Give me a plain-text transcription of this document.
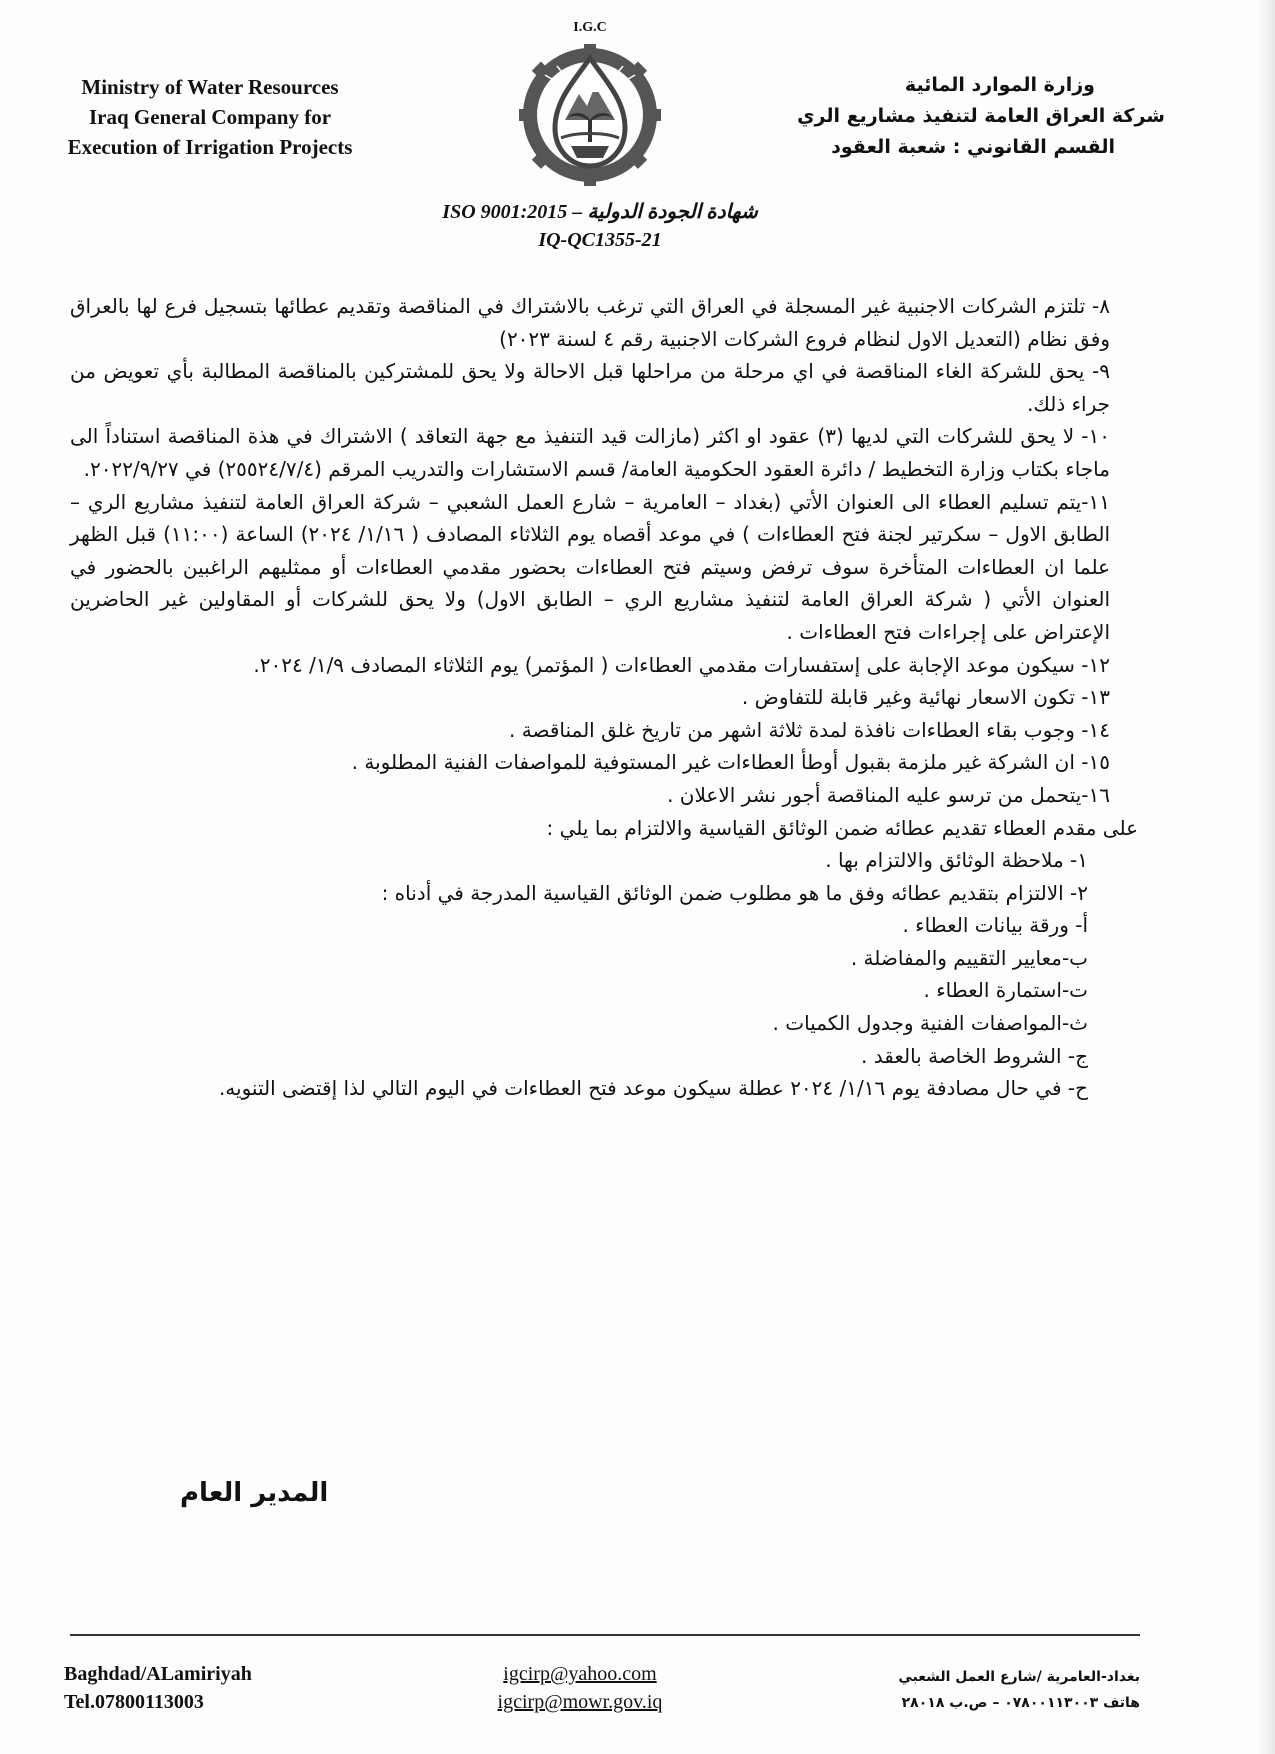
Ministry of Water Resources
Iraq General Company for
Execution of Irrigation Projects
I.G.C
وزارة الموارد المائية
شركة العراق العامة لتنفيذ مشاريع الري
القسم القانوني : شعبة العقود
ISO 9001:2015 – شهادة الجودة الدولية
IQ-QC1355-21

٨- تلتزم الشركات الاجنبية غير المسجلة في العراق التي ترغب بالاشتراك في المناقصة وتقديم عطائها بتسجيل فرع لها بالعراق وفق نظام (التعديل الاول لنظام فروع الشركات الاجنبية رقم ٤ لسنة ٢٠٢٣)

٩- يحق للشركة الغاء المناقصة في اي مرحلة من مراحلها قبل الاحالة ولا يحق للمشتركين بالمناقصة المطالبة بأي تعويض من جراء ذلك.

١٠- لا يحق للشركات التي لديها (٣) عقود او اكثر (مازالت قيد التنفيذ مع جهة التعاقد ) الاشتراك في هذة المناقصة استناداً الى ماجاء بكتاب وزارة التخطيط / دائرة العقود الحكومية العامة/ قسم الاستشارات والتدريب المرقم (٢٥٥٢٤/٧/٤) في ٢٠٢٢/٩/٢٧.

١١-يتم تسليم العطاء الى العنوان الأتي (بغداد – العامرية – شارع العمل الشعبي – شركة العراق العامة لتنفيذ مشاريع الري – الطابق الاول – سكرتير لجنة فتح العطاءات ) في موعد أقصاه يوم الثلاثاء المصادف ( ١/١٦/ ٢٠٢٤) الساعة (١١:٠٠) قبل الظهر علما ان العطاءات المتأخرة سوف ترفض وسيتم فتح العطاءات بحضور مقدمي العطاءات أو ممثليهم الراغبين بالحضور في العنوان الأتي ( شركة العراق العامة لتنفيذ مشاريع الري – الطابق الاول) ولا يحق للشركات أو المقاولين غير الحاضرين الإعتراض على إجراءات فتح العطاءات .

١٢- سيكون موعد الإجابة على إستفسارات مقدمي العطاءات ( المؤتمر) يوم الثلاثاء المصادف ١/٩/ ٢٠٢٤.

١٣- تكون الاسعار نهائية وغير قابلة للتفاوض .

١٤- وجوب بقاء العطاءات نافذة لمدة ثلاثة اشهر من تاريخ غلق المناقصة .

١٥- ان الشركة غير ملزمة بقبول أوطأ العطاءات غير المستوفية للمواصفات الفنية المطلوبة .

١٦-يتحمل من ترسو عليه المناقصة أجور نشر الاعلان .

على مقدم العطاء تقديم عطائه ضمن الوثائق القياسية والالتزام بما يلي :

١- ملاحظة الوثائق والالتزام بها .

٢- الالتزام بتقديم عطائه وفق ما هو مطلوب ضمن الوثائق القياسية المدرجة في أدناه :

أ- ورقة بيانات العطاء .

ب-معايير التقييم والمفاضلة .

ت-استمارة العطاء .

ث-المواصفات الفنية وجدول الكميات .

ج- الشروط الخاصة بالعقد .

ح- في حال مصادفة يوم ١/١٦/ ٢٠٢٤ عطلة سيكون موعد فتح العطاءات في اليوم التالي لذا إقتضى التنويه.

المدير العام
Baghdad/ALamiriyah
Tel.07800113003
igcirp@yahoo.com
igcirp@mowr.gov.iq
بغداد-العامرية /شارع العمل الشعبي
هاتف ٠٧٨٠٠١١٣٠٠٣ – ص.ب ٢٨٠١٨
